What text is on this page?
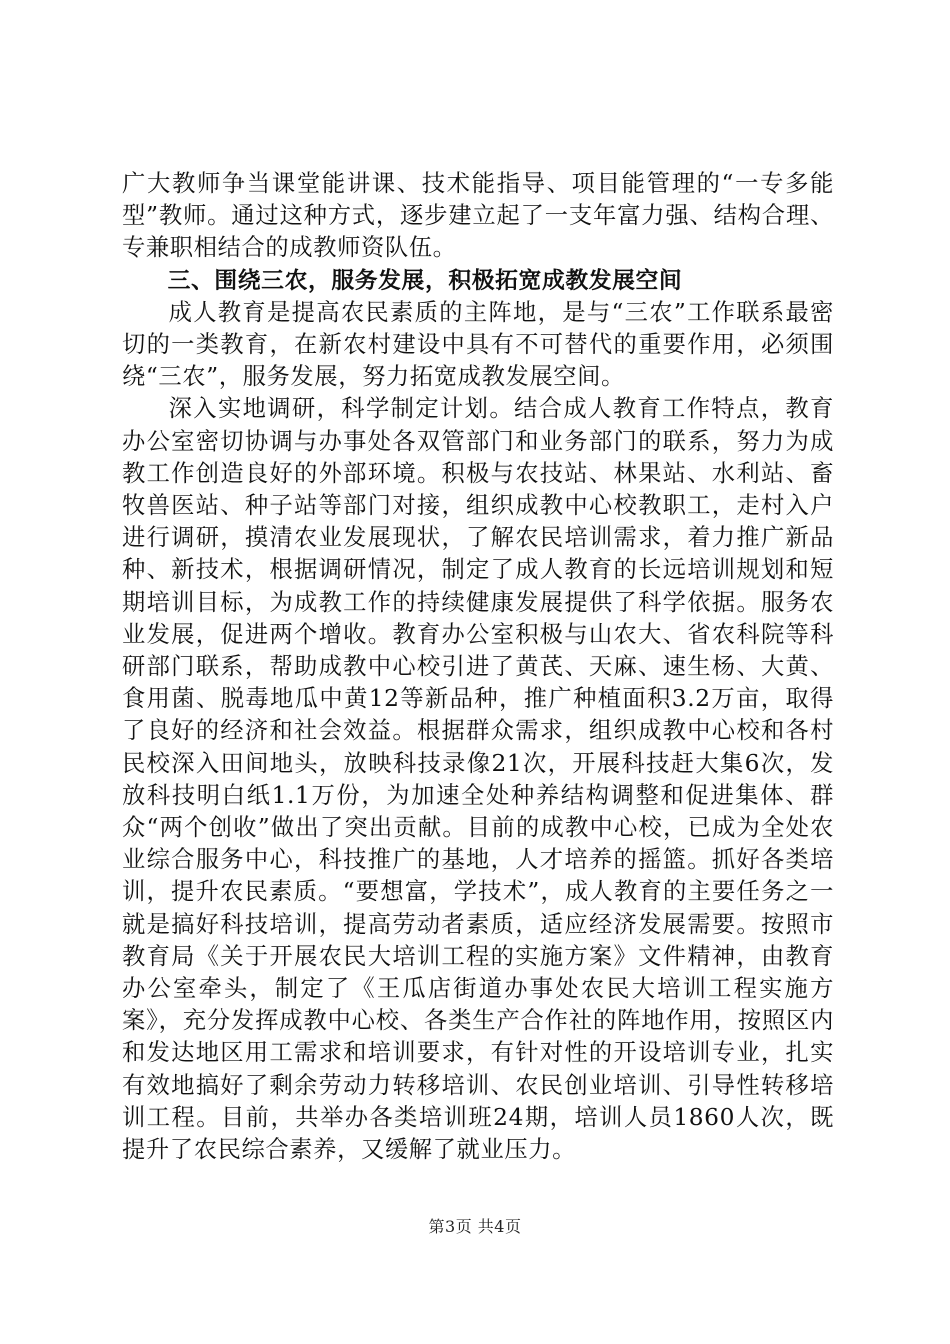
广大教师争当课堂能讲课、技术能指导、项目能管理的“一专多能型”教师。通过这种方式，逐步建立起了一支年富力强、结构合理、专兼职相结合的成教师资队伍。

三、围绕三农，服务发展，积极拓宽成教发展空间

成人教育是提高农民素质的主阵地，是与“三农”工作联系最密切的一类教育，在新农村建设中具有不可替代的重要作用，必须围绕“三农”，服务发展，努力拓宽成教发展空间。

深入实地调研，科学制定计划。结合成人教育工作特点，教育办公室密切协调与办事处各双管部门和业务部门的联系，努力为成教工作创造良好的外部环境。积极与农技站、林果站、水利站、畜牧兽医站、种子站等部门对接，组织成教中心校教职工，走村入户进行调研，摸清农业发展现状，了解农民培训需求，着力推广新品种、新技术，根据调研情况，制定了成人教育的长远培训规划和短期培训目标，为成教工作的持续健康发展提供了科学依据。服务农业发展，促进两个增收。教育办公室积极与山农大、省农科院等科研部门联系，帮助成教中心校引进了黄芪、天麻、速生杨、大黄、食用菌、脱毒地瓜中黄12等新品种，推广种植面积3.2万亩，取得了良好的经济和社会效益。根据群众需求，组织成教中心校和各村民校深入田间地头，放映科技录像21次，开展科技赶大集6次，发放科技明白纸1.1万份，为加速全处种养结构调整和促进集体、群众“两个创收”做出了突出贡献。目前的成教中心校，已成为全处农业综合服务中心，科技推广的基地，人才培养的摇篮。抓好各类培训，提升农民素质。“要想富，学技术”，成人教育的主要任务之一就是搞好科技培训，提高劳动者素质，适应经济发展需要。按照市教育局《关于开展农民大培训工程的实施方案》文件精神，由教育办公室牵头，制定了《王瓜店街道办事处农民大培训工程实施方案》，充分发挥成教中心校、各类生产合作社的阵地作用，按照区内和发达地区用工需求和培训要求，有针对性的开设培训专业，扎实有效地搞好了剩余劳动力转移培训、农民创业培训、引导性转移培训工程。目前，共举办各类培训班24期，培训人员1860人次，既提升了农民综合素养，又缓解了就业压力。

第3页 共4页
